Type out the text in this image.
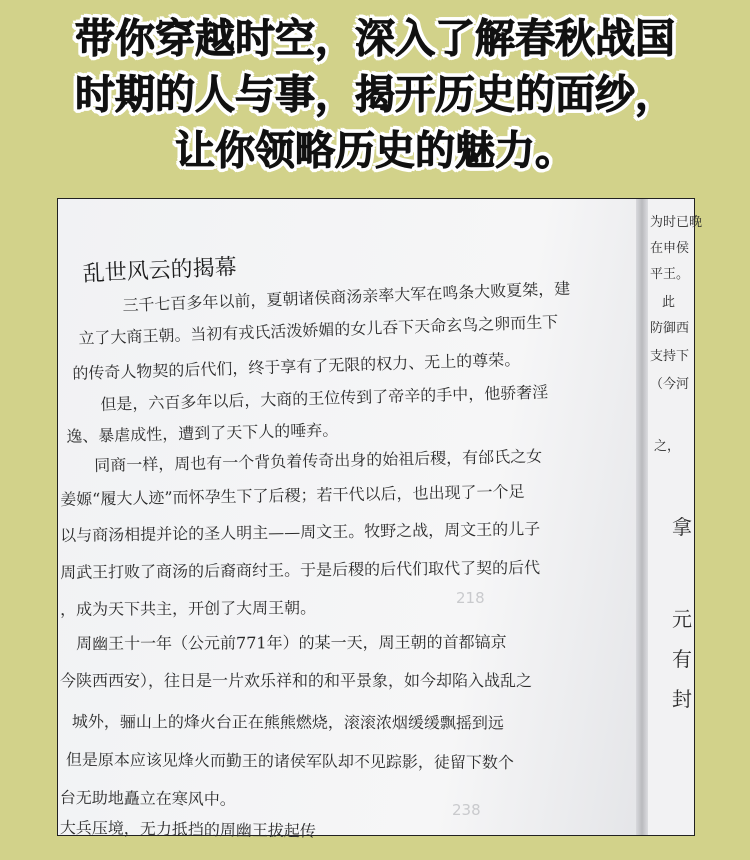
带你穿越时空，深入了解春秋战国
时期的人与事，揭开历史的面纱，
让你领略历史的魅力。
乱世风云的揭幕
三千七百多年以前，夏朝诸侯商汤亲率大军在鸣条大败夏桀，建
立了大商王朝。当初有戎氏活泼娇媚的女儿吞下天命玄鸟之卵而生下
的传奇人物契的后代们，终于享有了无限的权力、无上的尊荣。
但是，六百多年以后，大商的王位传到了帝辛的手中，他骄奢淫
逸、暴虐成性，遭到了天下人的唾弃。
同商一样，周也有一个背负着传奇出身的始祖后稷，有邰氏之女
姜嫄“履大人迹”而怀孕生下了后稷；若干代以后，也出现了一个足
以与商汤相提并论的圣人明主——周文王。牧野之战，周文王的儿子
周武王打败了商汤的后裔商纣王。于是后稷的后代们取代了契的后代
，成为天下共主，开创了大周王朝。
周幽王十一年（公元前771年）的某一天，周王朝的首都镐京
今陕西西安），往日是一片欢乐祥和的和平景象，如今却陷入战乱之
城外，骊山上的烽火台正在熊熊燃烧，滚滚浓烟缓缓飘摇到远
但是原本应该见烽火而勤王的诸侯军队却不见踪影，徒留下数个
台无助地矗立在寒风中。
大兵压境，无力抵挡的周幽王拔起传
218
238
为时已晚
在申侯
平王。
此
防御西
支持下
（今河
之，
拿
元
有
封
